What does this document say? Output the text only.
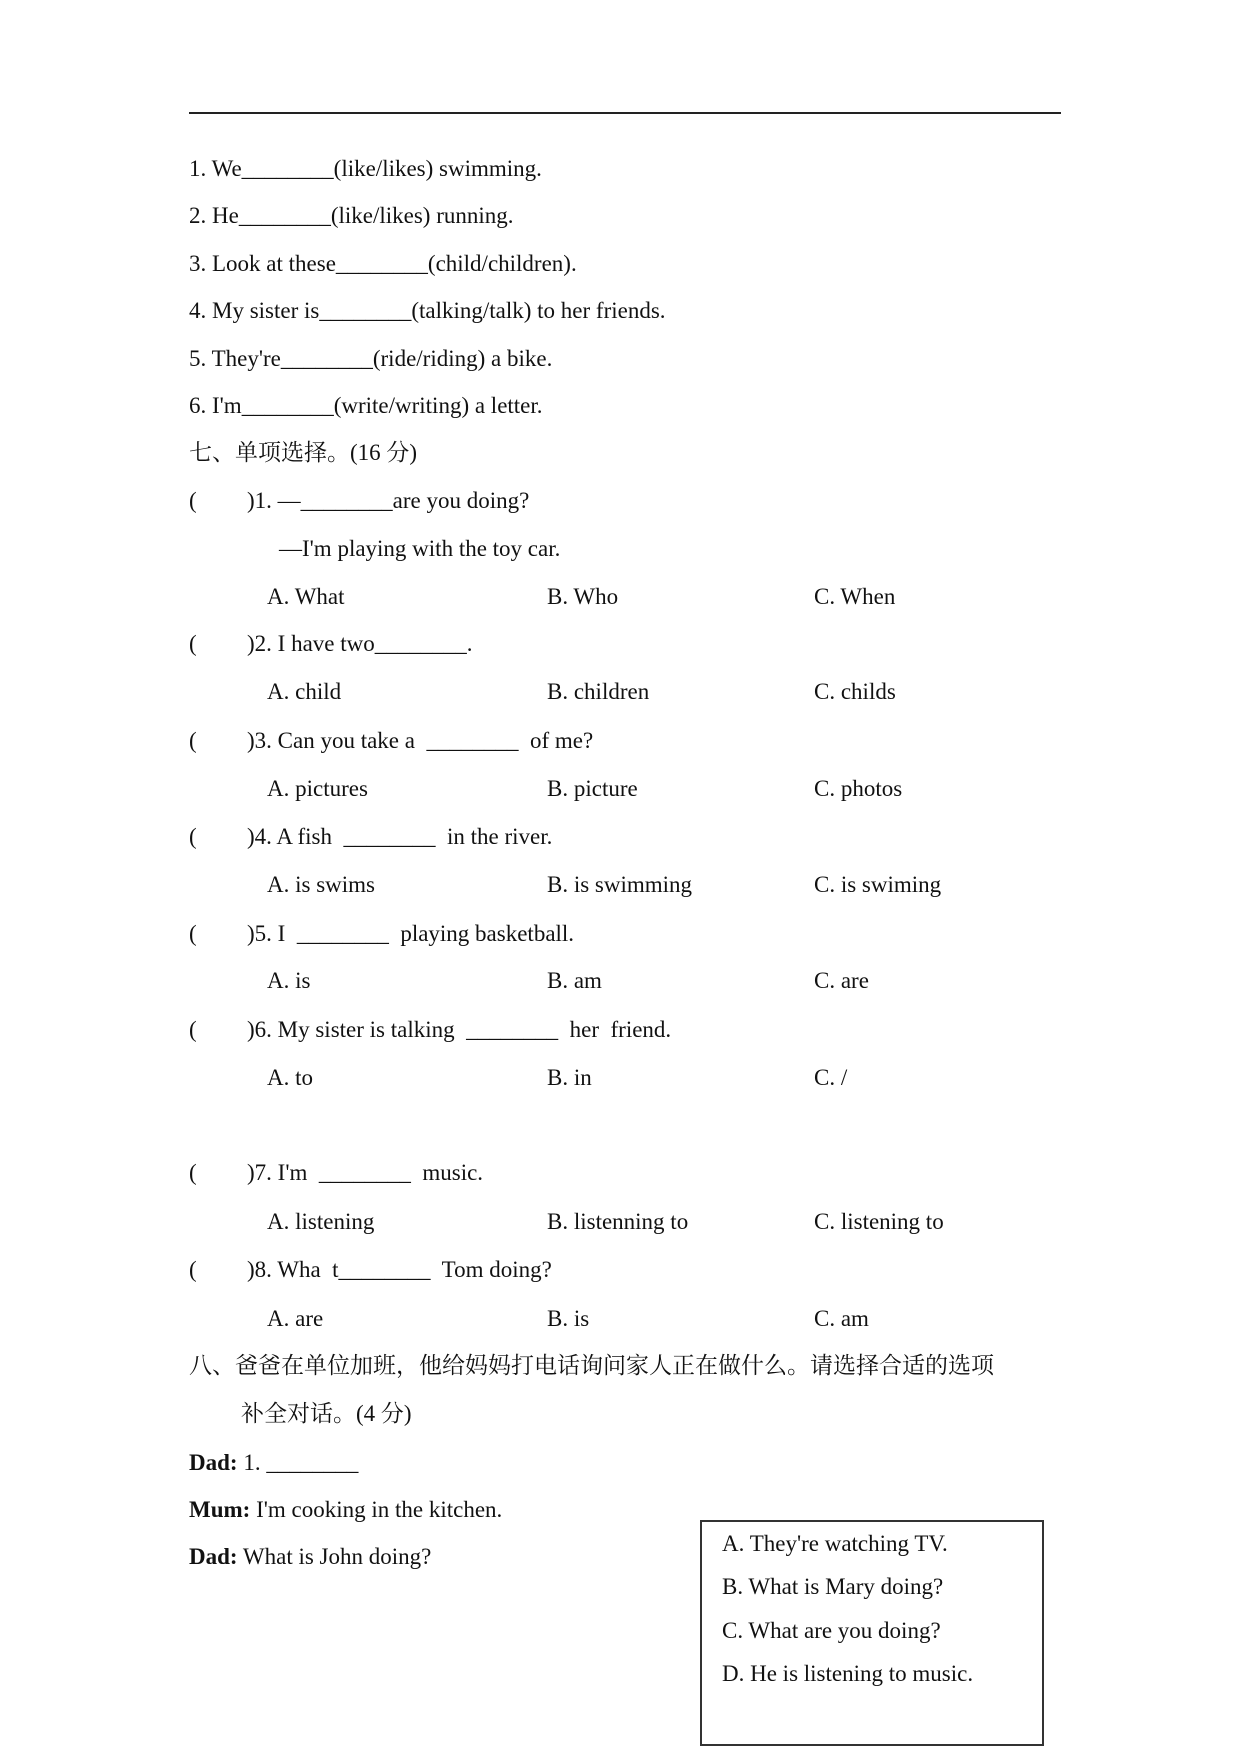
1. We________(like/likes) swimming.
2. He________(like/likes) running.
3. Look at these________(child/children).
4. My sister is________(talking/talk) to her friends.
5. They're________(ride/riding) a bike.
6. I'm________(write/writing) a letter.
七、单项选择。(16 分)
( )1. —________are you doing?
—I'm playing with the toy car.
A. What	B. Who	C. When
( )2. I have two________.
A. child	B. children	C. childs
( )3. Can you take a  ________  of me?
A. pictures	B. picture	C. photos
( )4. A fish  ________  in the river.
A. is swims	B. is swimming	C. is swiming
( )5. I  ________  playing basketball.
A. is	B. am	C. are
( )6. My sister is talking  ________  her  friend.
A. to	B. in	C. /
( )7. I'm  ________  music.
A. listening	B. listenning to	C. listening to
( )8. Wha  t________  Tom doing?
A. are	B. is	C. am
八、爸爸在单位加班，他给妈妈打电话询问家人正在做什么。请选择合适的选项
补全对话。(4 分)
Dad: 1. ________
Mum: I'm cooking in the kitchen.
Dad: What is John doing?
A. They're watching TV.
B. What is Mary doing?
C. What are you doing?
D. He is listening to music.
